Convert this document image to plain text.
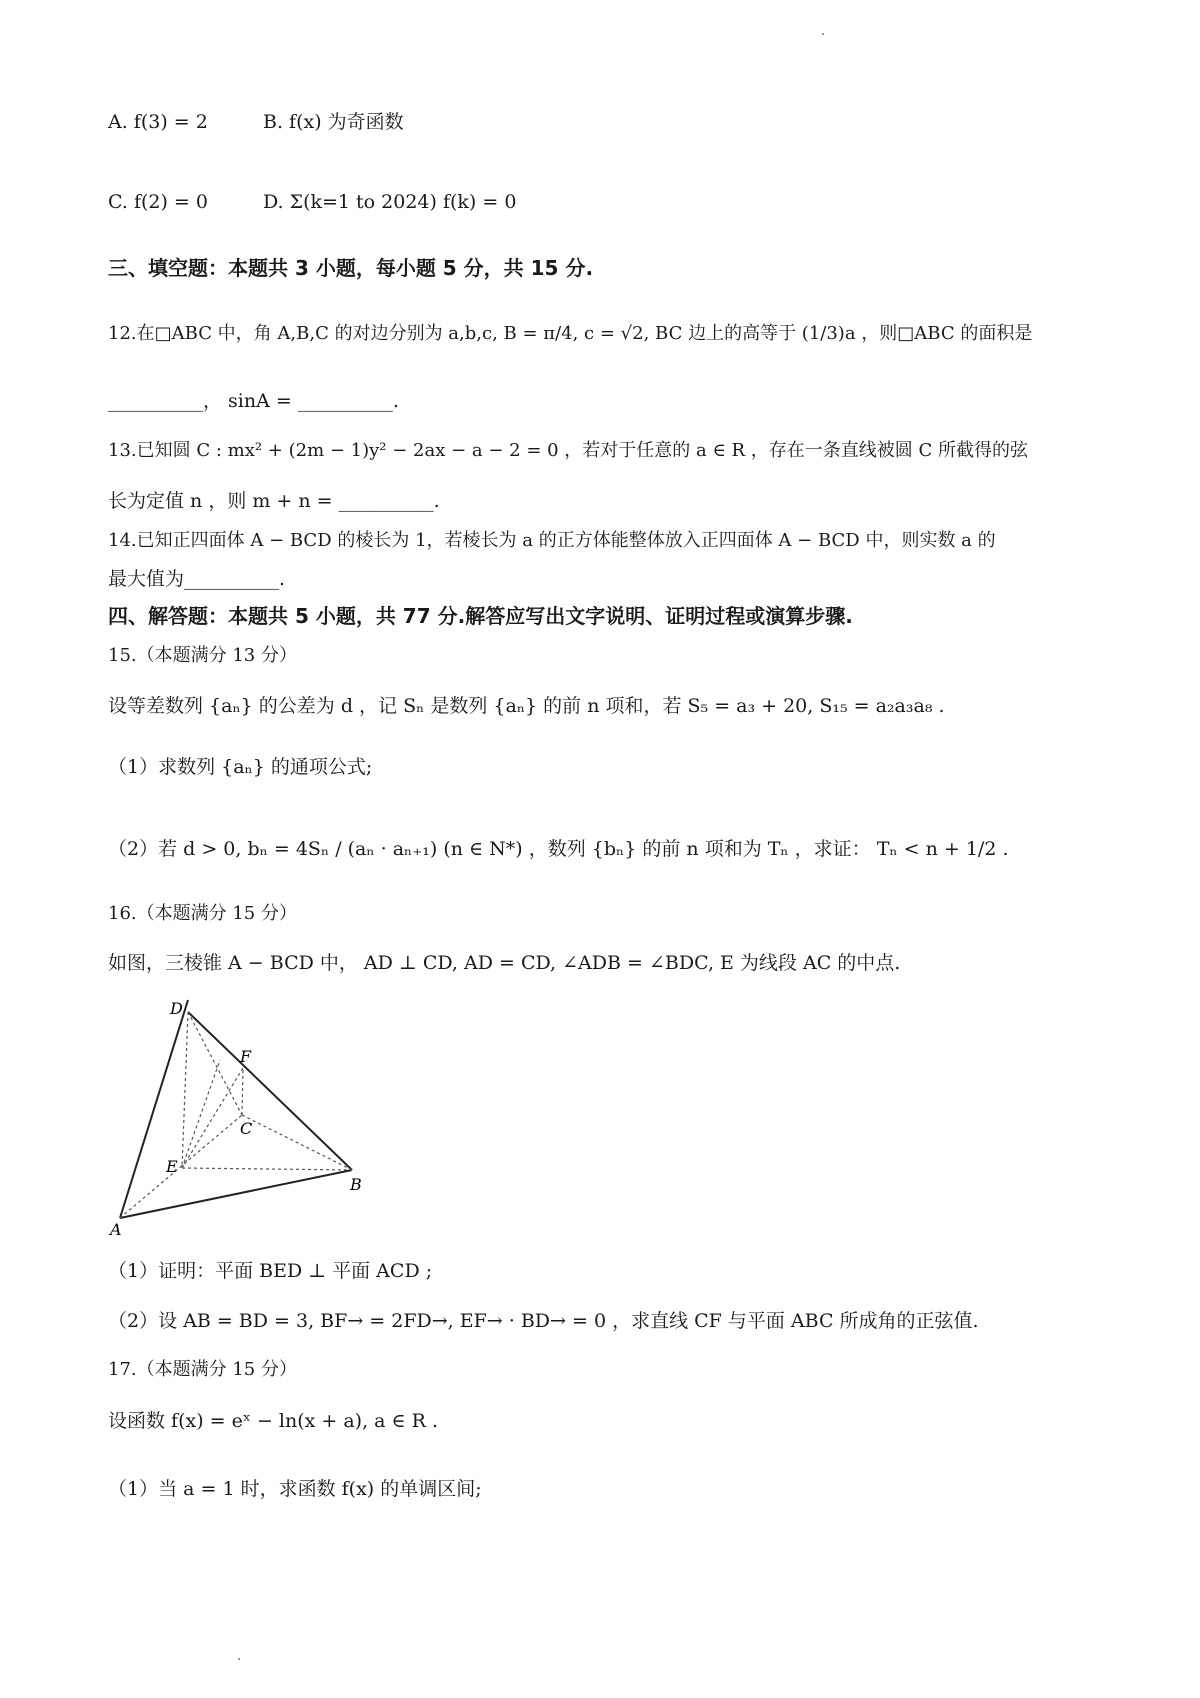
A. f(3) = 2	B. f(x) 为奇函数
C. f(2) = 0	D. Σ(k=1 to 2024) f(k) = 0
三、填空题：本题共 3 小题，每小题 5 分，共 15 分.
12.在□ABC 中，角 A,B,C 的对边分别为 a,b,c, B = π/4, c = √2, BC 边上的高等于 (1/3)a ，则□ABC 的面积是
__________， sinA = __________.
13.已知圆 C : mx² + (2m − 1)y² − 2ax − a − 2 = 0 ，若对于任意的 a ∈ R ，存在一条直线被圆 C 所截得的弦
长为定值 n ，则 m + n = __________.
14.已知正四面体 A − BCD 的棱长为 1，若棱长为 a 的正方体能整体放入正四面体 A − BCD 中，则实数 a 的
最大值为__________.
四、解答题：本题共 5 小题，共 77 分.解答应写出文字说明、证明过程或演算步骤.
15.（本题满分 13 分）
设等差数列 {aₙ} 的公差为 d ，记 Sₙ 是数列 {aₙ} 的前 n 项和，若 S₅ = a₃ + 20, S₁₅ = a₂a₃a₈ .
（1）求数列 {aₙ} 的通项公式;
（2）若 d > 0, bₙ = 4Sₙ / (aₙ · aₙ₊₁) (n ∈ N*) ，数列 {bₙ} 的前 n 项和为 Tₙ ，求证： Tₙ < n + 1/2 .
16.（本题满分 15 分）
如图，三棱锥 A − BCD 中， AD ⊥ CD, AD = CD, ∠ADB = ∠BDC, E 为线段 AC 的中点.
D
F
C
E
B
A
（1）证明：平面 BED ⊥ 平面 ACD ;
（2）设 AB = BD = 3, BF→ = 2FD→, EF→ · BD→ = 0 ，求直线 CF 与平面 ABC 所成角的正弦值.
17.（本题满分 15 分）
设函数 f(x) = eˣ − ln(x + a), a ∈ R .
（1）当 a = 1 时，求函数 f(x) 的单调区间;
